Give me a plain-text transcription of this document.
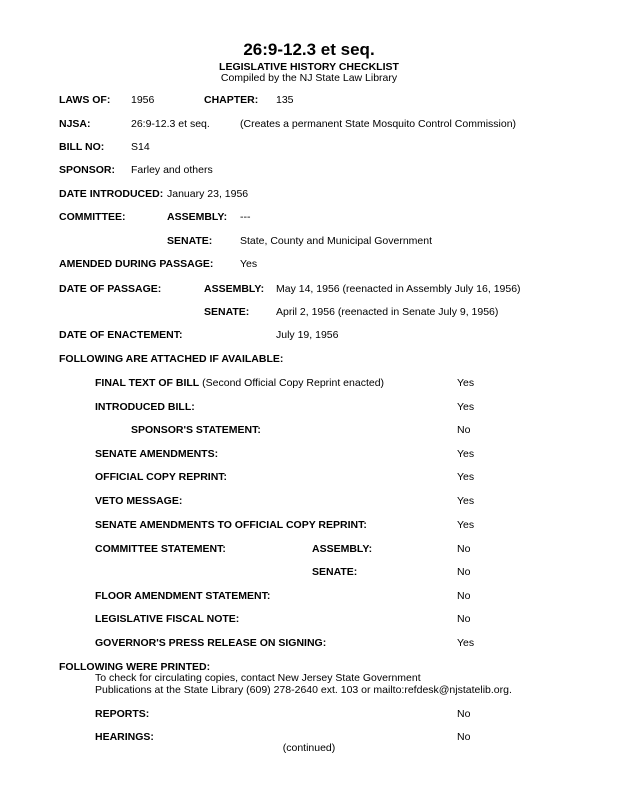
26:9-12.3 et seq.
LEGISLATIVE HISTORY CHECKLIST
Compiled by the NJ State Law Library
LAWS OF: 1956	CHAPTER: 135
NJSA:	26:9-12.3 et seq.	(Creates a permanent State Mosquito Control Commission)
BILL NO:	S14
SPONSOR: Farley and others
DATE INTRODUCED: January 23, 1956
COMMITTEE:	ASSEMBLY: ---
SENATE:	State, County and Municipal Government
AMENDED DURING PASSAGE:	Yes
DATE OF PASSAGE:	ASSEMBLY: May 14, 1956 (reenacted in Assembly July 16, 1956)
SENATE:	April 2, 1956 (reenacted in Senate July 9, 1956)
DATE OF ENACTEMENT:	July 19, 1956
FOLLOWING ARE ATTACHED IF AVAILABLE:
FINAL TEXT OF BILL (Second Official Copy Reprint enacted)	Yes
INTRODUCED BILL:	Yes
SPONSOR'S STATEMENT:	No
SENATE AMENDMENTS:	Yes
OFFICIAL COPY REPRINT:	Yes
VETO MESSAGE:	Yes
SENATE AMENDMENTS TO OFFICIAL COPY REPRINT:	Yes
COMMITTEE STATEMENT:	ASSEMBLY:	No
SENATE:	No
FLOOR AMENDMENT STATEMENT:	No
LEGISLATIVE FISCAL NOTE:	No
GOVERNOR'S PRESS RELEASE ON SIGNING:	Yes
FOLLOWING WERE PRINTED:
To check for circulating copies, contact New Jersey State Government
Publications at the State Library (609) 278-2640 ext. 103 or mailto:refdesk@njstatelib.org.
REPORTS:	No
HEARINGS:	No
(continued)
